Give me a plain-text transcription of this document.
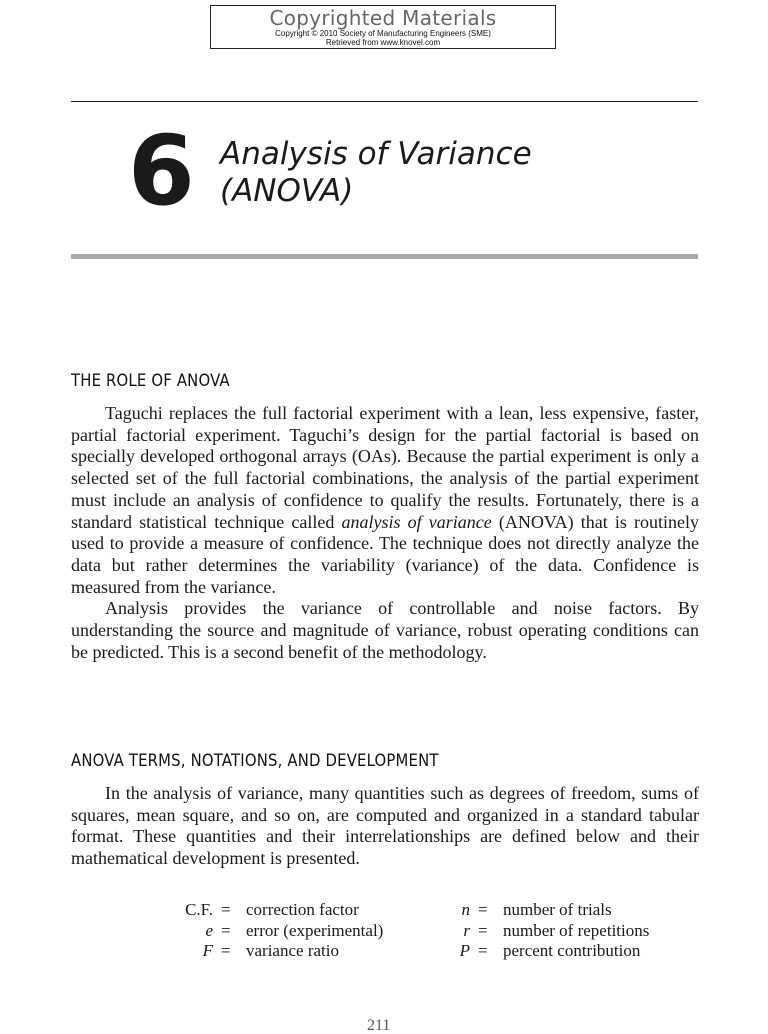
Copyrighted Materials
Copyright © 2010 Society of Manufacturing Engineers (SME)
Retrieved from www.knovel.com
6 Analysis of Variance
(ANOVA)
THE ROLE OF ANOVA

Taguchi replaces the full factorial experiment with a lean, less expensive, faster, partial factorial experiment. Taguchi’s design for the partial factorial is based on specially developed orthogonal arrays (OAs). Because the partial experiment is only a selected set of the full factorial combinations, the analysis of the partial experiment must include an analysis of confidence to qualify the results. Fortunately, there is a standard statistical technique called analysis of variance (ANOVA) that is routinely used to provide a measure of confidence. The technique does not directly analyze the data but rather determines the variability (variance) of the data. Confidence is measured from the variance.

Analysis provides the variance of controllable and noise factors. By understanding the source and magnitude of variance, robust operating conditions can be predicted. This is a second benefit of the methodology.

ANOVA TERMS, NOTATIONS, AND DEVELOPMENT

In the analysis of variance, many quantities such as degrees of freedom, sums of squares, mean square, and so on, are computed and organized in a standard tabular format. These quantities and their interrelationships are defined below and their mathematical development is presented.

C.F. = correction factor	n = number of trials
e = error (experimental)	r = number of repetitions
F = variance ratio	P = percent contribution
211
